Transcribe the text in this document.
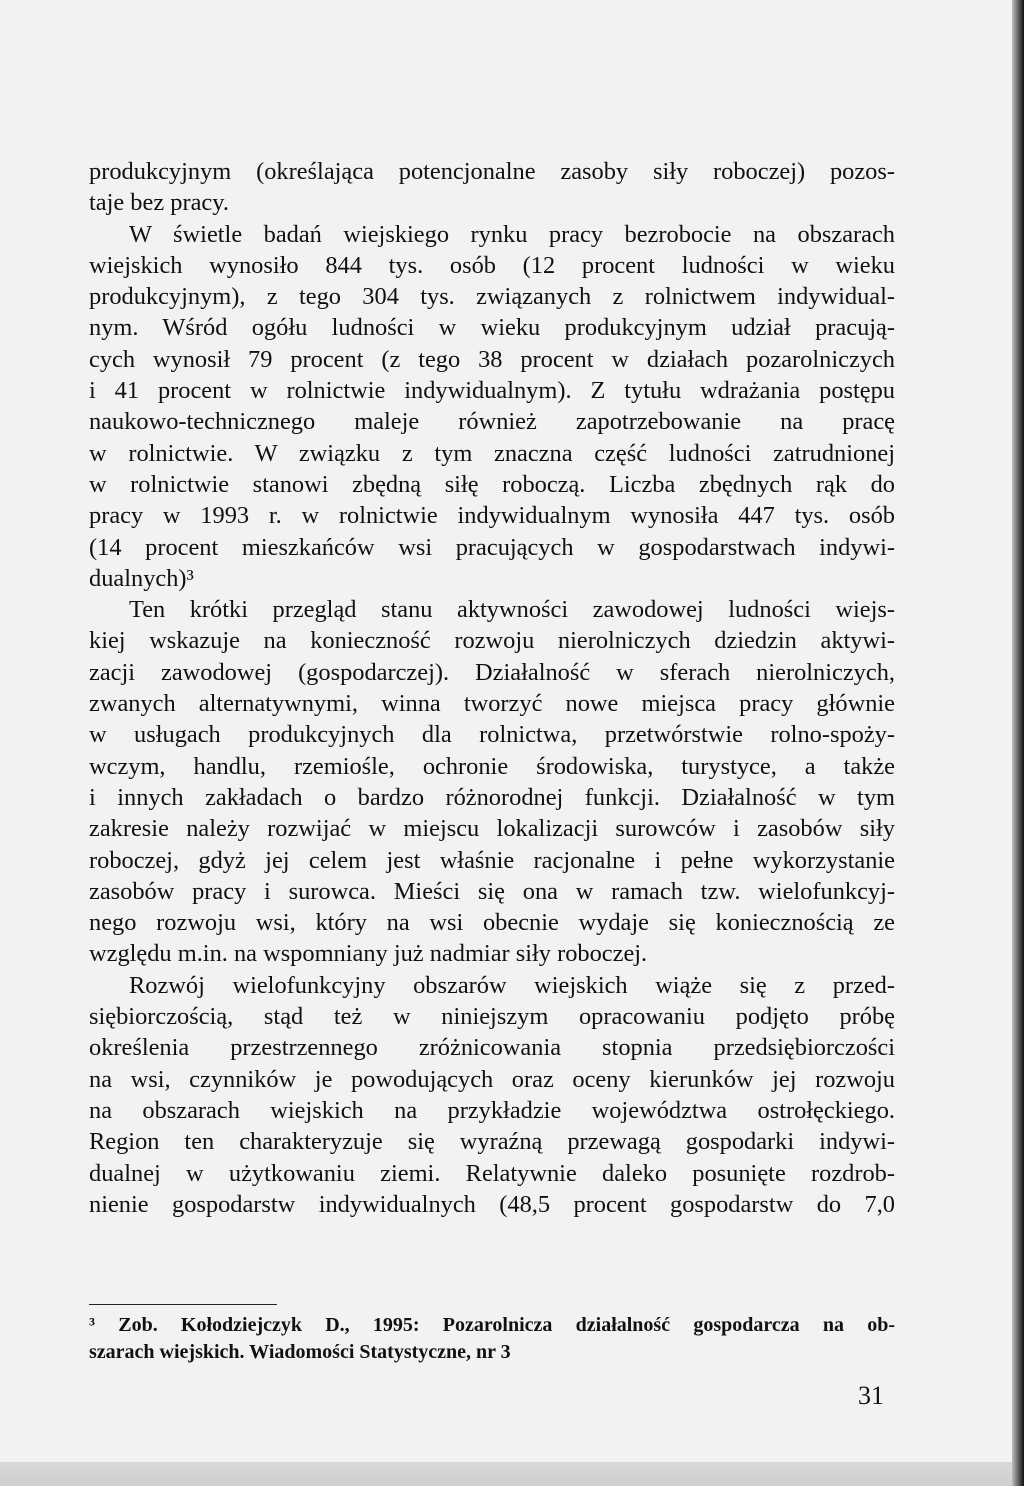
produkcyjnym (określająca potencjonalne zasoby siły roboczej) pozos-
taje bez pracy.
W świetle badań wiejskiego rynku pracy bezrobocie na obszarach
wiejskich wynosiło 844 tys. osób (12 procent ludności w wieku
produkcyjnym), z tego 304 tys. związanych z rolnictwem indywidual-
nym. Wśród ogółu ludności w wieku produkcyjnym udział pracują-
cych wynosił 79 procent (z tego 38 procent w działach pozarolniczych
i 41 procent w rolnictwie indywidualnym). Z tytułu wdrażania postępu
naukowo-technicznego maleje również zapotrzebowanie na pracę
w rolnictwie. W związku z tym znaczna część ludności zatrudnionej
w rolnictwie stanowi zbędną siłę roboczą. Liczba zbędnych rąk do
pracy w 1993 r. w rolnictwie indywidualnym wynosiła 447 tys. osób
(14 procent mieszkańców wsi pracujących w gospodarstwach indywi-
dualnych)³
Ten krótki przegląd stanu aktywności zawodowej ludności wiejs-
kiej wskazuje na konieczność rozwoju nierolniczych dziedzin aktywi-
zacji zawodowej (gospodarczej). Działalność w sferach nierolniczych,
zwanych alternatywnymi, winna tworzyć nowe miejsca pracy głównie
w usługach produkcyjnych dla rolnictwa, przetwórstwie rolno-spoży-
wczym, handlu, rzemiośle, ochronie środowiska, turystyce, a także
i innych zakładach o bardzo różnorodnej funkcji. Działalność w tym
zakresie należy rozwijać w miejscu lokalizacji surowców i zasobów siły
roboczej, gdyż jej celem jest właśnie racjonalne i pełne wykorzystanie
zasobów pracy i surowca. Mieści się ona w ramach tzw. wielofunkcyj-
nego rozwoju wsi, który na wsi obecnie wydaje się koniecznością ze
względu m.in. na wspomniany już nadmiar siły roboczej.
Rozwój wielofunkcyjny obszarów wiejskich wiąże się z przed-
siębiorczością, stąd też w niniejszym opracowaniu podjęto próbę
określenia przestrzennego zróżnicowania stopnia przedsiębiorczości
na wsi, czynników je powodujących oraz oceny kierunków jej rozwoju
na obszarach wiejskich na przykładzie województwa ostrołęckiego.
Region ten charakteryzuje się wyraźną przewagą gospodarki indywi-
dualnej w użytkowaniu ziemi. Relatywnie daleko posunięte rozdrob-
nienie gospodarstw indywidualnych (48,5 procent gospodarstw do 7,0
³ Zob. Kołodziejczyk D., 1995: Pozarolnicza działalność gospodarcza na ob-
szarach wiejskich. Wiadomości Statystyczne, nr 3
31
